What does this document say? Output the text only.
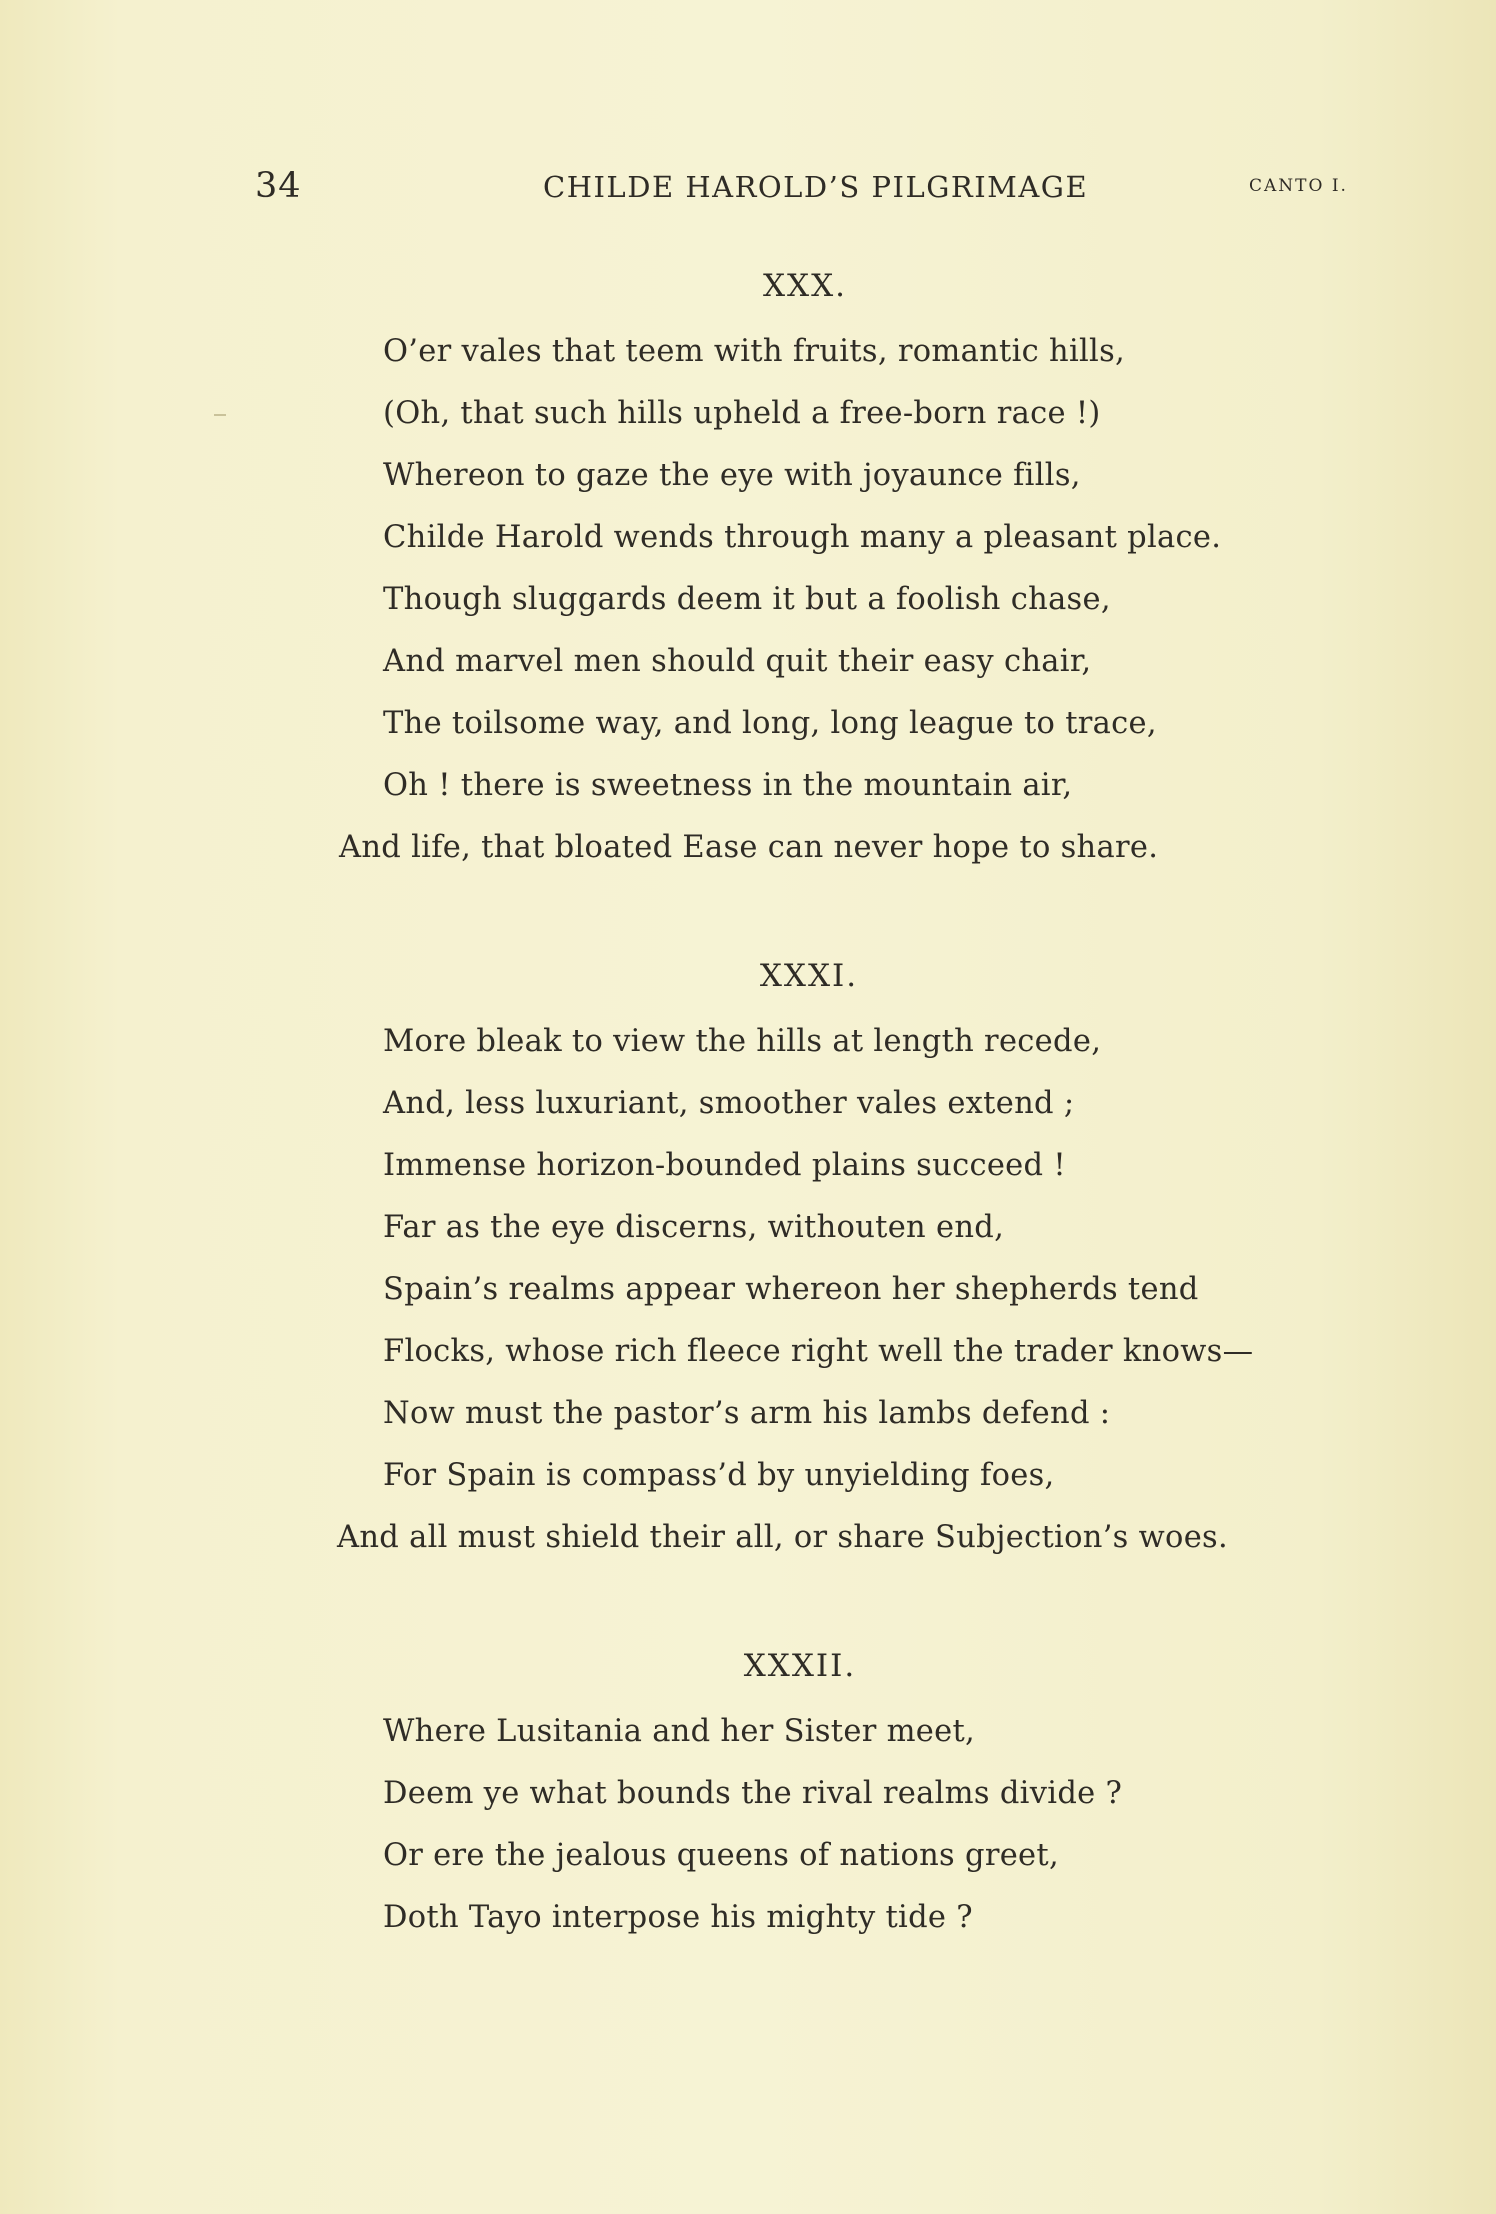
34	CHILDE HAROLD’S PILGRIMAGE	CANTO I.
XXX.
O’er vales that teem with fruits, romantic hills,
(Oh, that such hills upheld a free-born race !)
Whereon to gaze the eye with joyaunce fills,
Childe Harold wends through many a pleasant place.
Though sluggards deem it but a foolish chase,
And marvel men should quit their easy chair,
The toilsome way, and long, long league to trace,
Oh ! there is sweetness in the mountain air,
And life, that bloated Ease can never hope to share.
XXXI.
More bleak to view the hills at length recede,
And, less luxuriant, smoother vales extend ;
Immense horizon-bounded plains succeed !
Far as the eye discerns, withouten end,
Spain’s realms appear whereon her shepherds tend
Flocks, whose rich fleece right well the trader knows—
Now must the pastor’s arm his lambs defend :
For Spain is compass’d by unyielding foes,
And all must shield their all, or share Subjection’s woes.
XXXII.
Where Lusitania and her Sister meet,
Deem ye what bounds the rival realms divide ?
Or ere the jealous queens of nations greet,
Doth Tayo interpose his mighty tide ?
